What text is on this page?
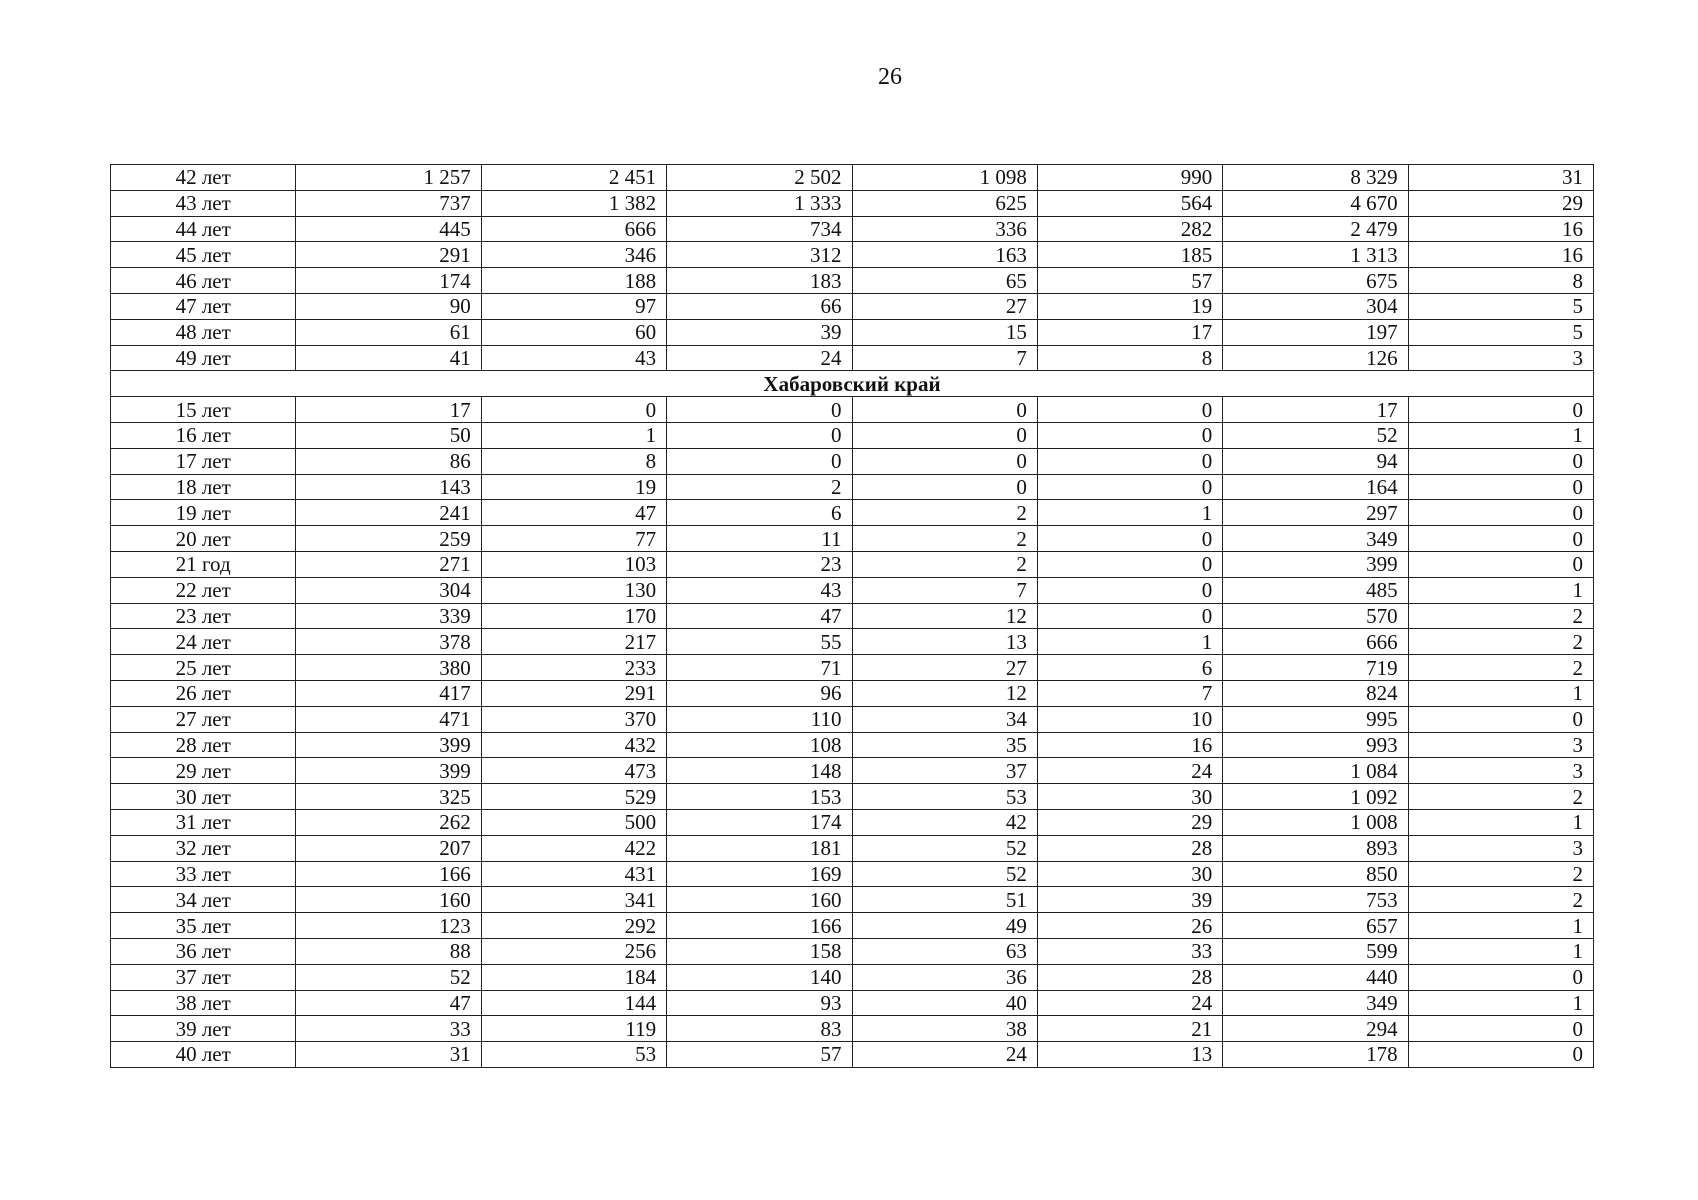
26
42 лет	1 257	2 451	2 502	1 098	990	8 329	31
43 лет	737	1 382	1 333	625	564	4 670	29
44 лет	445	666	734	336	282	2 479	16
45 лет	291	346	312	163	185	1 313	16
46 лет	174	188	183	65	57	675	8
47 лет	90	97	66	27	19	304	5
48 лет	61	60	39	15	17	197	5
49 лет	41	43	24	7	8	126	3
Хабаровский край							
15 лет	17	0	0	0	0	17	0
16 лет	50	1	0	0	0	52	1
17 лет	86	8	0	0	0	94	0
18 лет	143	19	2	0	0	164	0
19 лет	241	47	6	2	1	297	0
20 лет	259	77	11	2	0	349	0
21 год	271	103	23	2	0	399	0
22 лет	304	130	43	7	0	485	1
23 лет	339	170	47	12	0	570	2
24 лет	378	217	55	13	1	666	2
25 лет	380	233	71	27	6	719	2
26 лет	417	291	96	12	7	824	1
27 лет	471	370	110	34	10	995	0
28 лет	399	432	108	35	16	993	3
29 лет	399	473	148	37	24	1 084	3
30 лет	325	529	153	53	30	1 092	2
31 лет	262	500	174	42	29	1 008	1
32 лет	207	422	181	52	28	893	3
33 лет	166	431	169	52	30	850	2
34 лет	160	341	160	51	39	753	2
35 лет	123	292	166	49	26	657	1
36 лет	88	256	158	63	33	599	1
37 лет	52	184	140	36	28	440	0
38 лет	47	144	93	40	24	349	1
39 лет	33	119	83	38	21	294	0
40 лет	31	53	57	24	13	178	0
